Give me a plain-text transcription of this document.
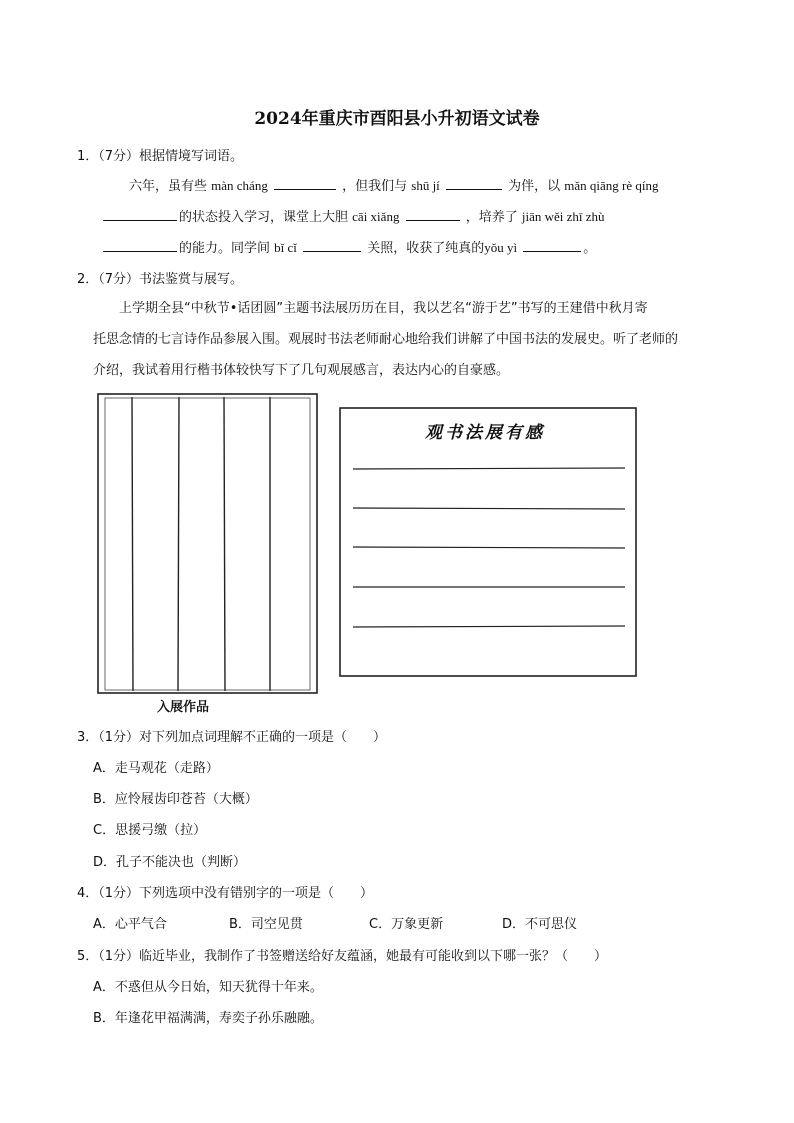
2024年重庆市酉阳县小升初语文试卷
1．（7分）根据情境写词语。
六年，虽有些 màn cháng	，但我们与 shū jí	为伴，以 mǎn qiāng rè qíng
的状态投入学习，课堂上大胆 cāi xiǎng	，培养了 jiān wěi zhī zhù
的能力。同学间 bǐ cǐ	关照，收获了纯真的yǒu yì	。
2．（7分）书法鉴赏与展写。
上学期全县“中秋节•话团圆”主题书法展历历在目，我以艺名“游于艺”书写的王建借中秋月寄
托思念情的七言诗作品参展入围。观展时书法老师耐心地给我们讲解了中国书法的发展史。听了老师的
介绍，我试着用行楷书体较快写下了几句观展感言，表达内心的自豪感。
入展作品
观书法展有感
3．（1分）对下列加点词理解不正确的一项是（　　）
A．走马观花（走路）
B．应怜屐齿印苍苔（大概）
C．思援弓缴（拉）
D．孔子不能决也（判断）
4．（1分）下列选项中没有错别字的一项是（　　）
A．心平气合	B．司空见贯	C．万象更新	D．不可思仪
5．（1分）临近毕业，我制作了书签赠送给好友蕴涵，她最有可能收到以下哪一张？（　　）
A．不惑但从今日始，知天犹得十年来。
B．年逢花甲福满满，寿奕子孙乐融融。
